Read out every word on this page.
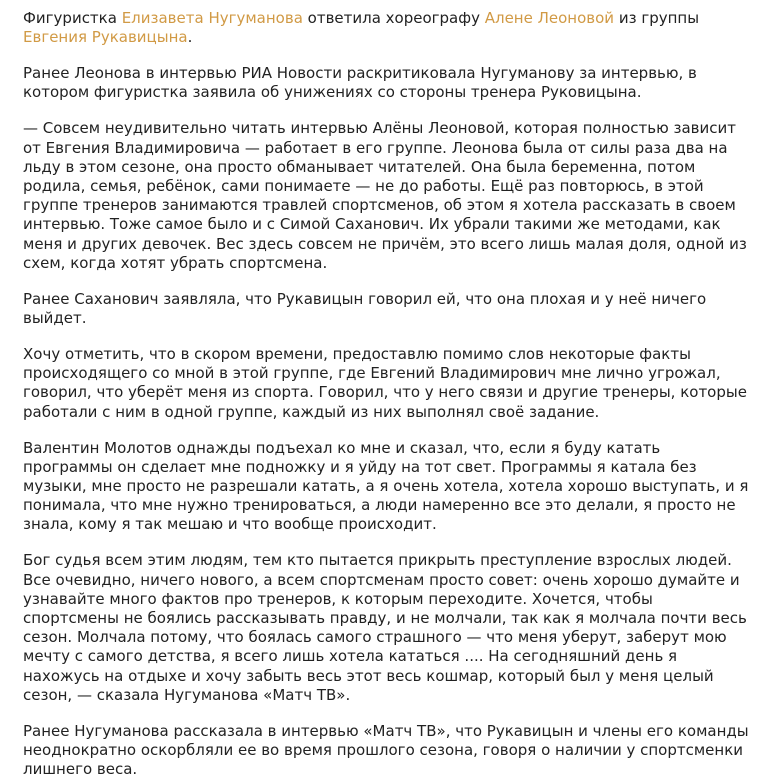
Фигуристка Елизавета Нугуманова ответила хореографу Алене Леоновой из группы Евгения Рукавицына.

Ранее Леонова в интервью РИА Новости раскритиковала Нугуманову за интервью, в котором фигуристка заявила об унижениях со стороны тренера Руковицына.

— Совсем неудивительно читать интервью Алёны Леоновой, которая полностью зависит от Евгения Владимировича — работает в его группе. Леонова была от силы раза два на льду в этом сезоне, она просто обманывает читателей. Она была беременна, потом родила, семья, ребёнок, сами понимаете — не до работы. Ещё раз повторюсь, в этой группе тренеров занимаются травлей спортсменов, об этом я хотела рассказать в своем интервью. Тоже самое было и с Симой Саханович. Их убрали такими же методами, как меня и других девочек. Вес здесь совсем не причём, это всего лишь малая доля, одной из схем, когда хотят убрать спортсмена.

Ранее Саханович заявляла, что Рукавицын говорил ей, что она плохая и у неё ничего выйдет.

Хочу отметить, что в скором времени, предоставлю помимо слов некоторые факты происходящего со мной в этой группе, где Евгений Владимирович мне лично угрожал, говорил, что уберёт меня из спорта. Говорил, что у него связи и другие тренеры, которые работали с ним в одной группе, каждый из них выполнял своё задание.

Валентин Молотов однажды подъехал ко мне и сказал, что, если я буду катать программы он сделает мне подножку и я уйду на тот свет. Программы я катала без музыки, мне просто не разрешали катать, а я очень хотела, хотела хорошо выступать, и я понимала, что мне нужно тренироваться, а люди намеренно все это делали, я просто не знала, кому я так мешаю и что вообще происходит.

Бог судья всем этим людям, тем кто пытается прикрыть преступление взрослых людей. Все очевидно, ничего нового, а всем спортсменам просто совет: очень хорошо думайте и узнавайте много фактов про тренеров, к которым переходите. Хочется, чтобы спортсмены не боялись рассказывать правду, и не молчали, так как я молчала почти весь сезон. Молчала потому, что боялась самого страшного — что меня уберут, заберут мою мечту с самого детства, я всего лишь хотела кататься .... На сегодняшний день я нахожусь на отдыхе и хочу забыть весь этот весь кошмар, который был у меня целый сезон, — сказала Нугуманова «Матч ТВ».

Ранее Нугуманова рассказала в интервью «Матч ТВ», что Рукавицын и члены его команды неоднократно оскорбляли ее во время прошлого сезона, говоря о наличии у спортсменки лишнего веса.
